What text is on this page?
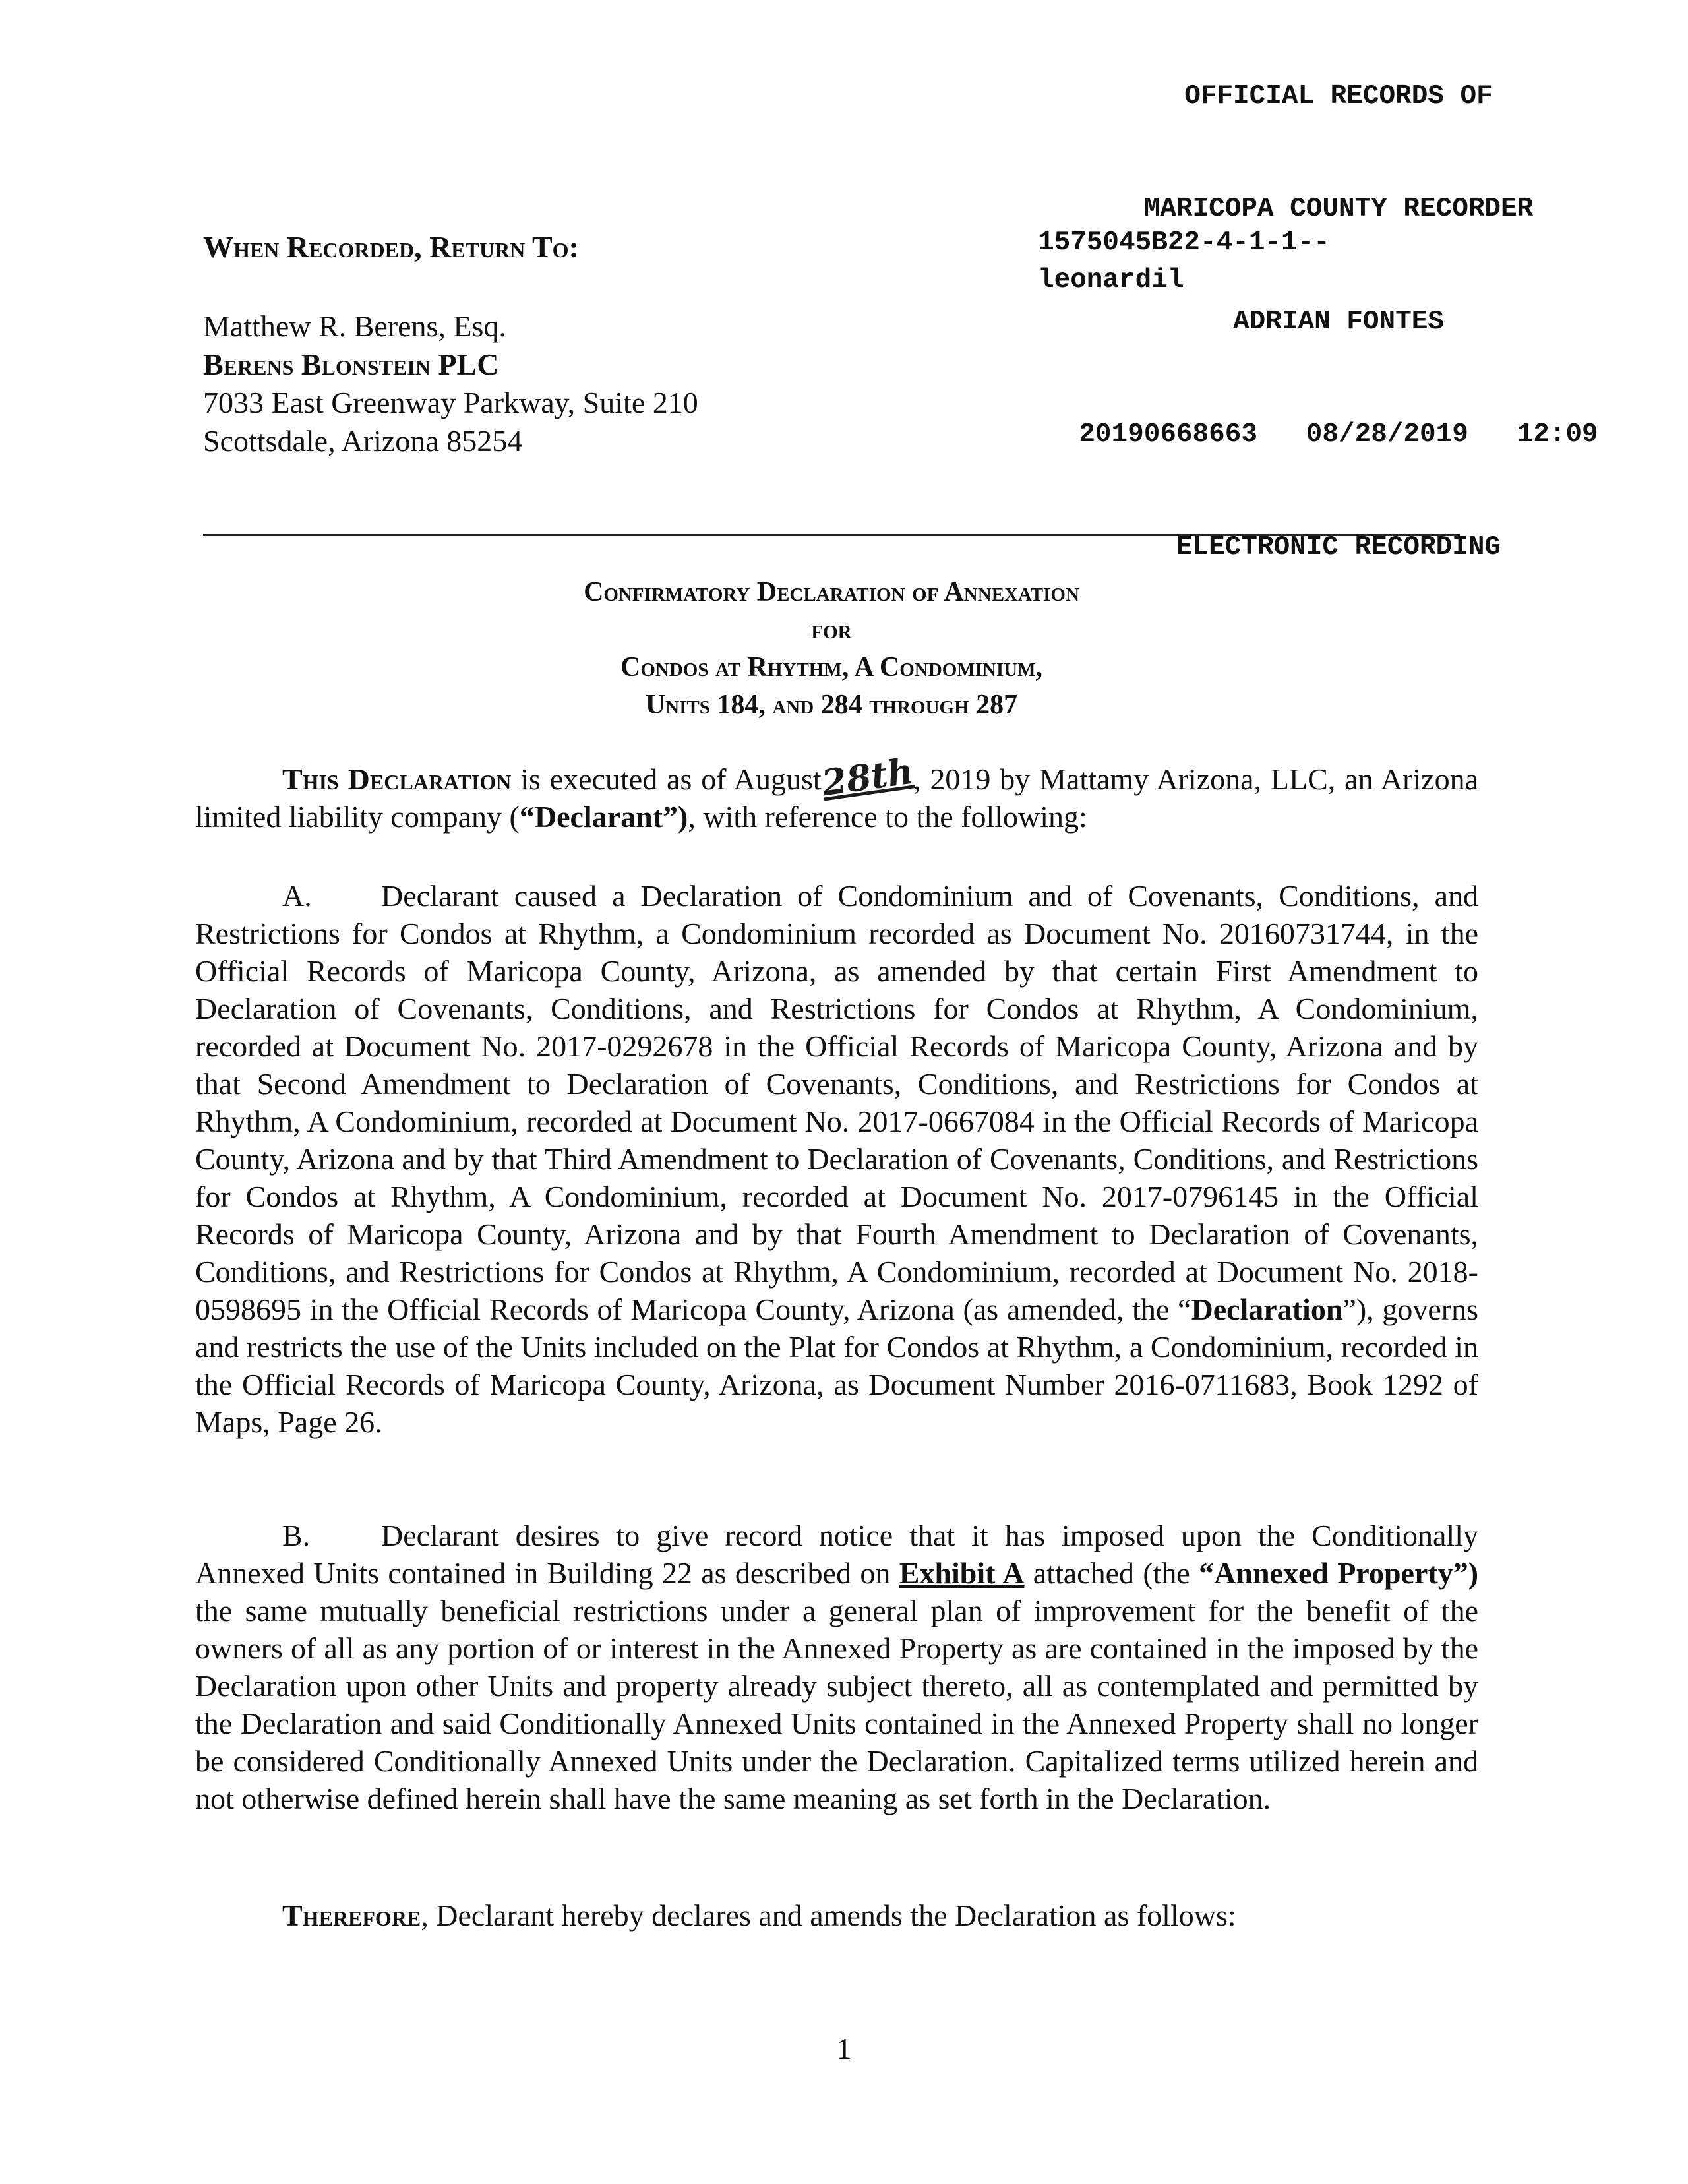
OFFICIAL RECORDS OF

MARICOPA COUNTY RECORDER

ADRIAN FONTES

20190668663   08/28/2019   12:09

ELECTRONIC RECORDING

1575045B22-4-1-1--
leonardil
When Recorded, Return To:
Matthew R. Berens, Esq.
Berens Blonstein PLC
7033 East Greenway Parkway, Suite 210
Scottsdale, Arizona 85254
Confirmatory Declaration of Annexation
for
Condos at Rhythm, A Condominium,
Units 184, and 284 through 287
This Declaration is executed as of August28th, 2019 by Mattamy Arizona, LLC, an Arizona limited liability company (“Declarant”), with reference to the following:
A. Declarant caused a Declaration of Condominium and of Covenants, Conditions, and Restrictions for Condos at Rhythm, a Condominium recorded as Document No. 20160731744, in the Official Records of Maricopa County, Arizona, as amended by that certain First Amendment to Declaration of Covenants, Conditions, and Restrictions for Condos at Rhythm, A Condominium, recorded at Document No. 2017-0292678 in the Official Records of Maricopa County, Arizona and by that Second Amendment to Declaration of Covenants, Conditions, and Restrictions for Condos at Rhythm, A Condominium, recorded at Document No. 2017-0667084 in the Official Records of Maricopa County, Arizona and by that Third Amendment to Declaration of Covenants, Conditions, and Restrictions for Condos at Rhythm, A Condominium, recorded at Document No. 2017-0796145 in the Official Records of Maricopa County, Arizona and by that Fourth Amendment to Declaration of Covenants, Conditions, and Restrictions for Condos at Rhythm, A Condominium, recorded at Document No. 2018-0598695 in the Official Records of Maricopa County, Arizona (as amended, the “Declaration”), governs and restricts the use of the Units included on the Plat for Condos at Rhythm, a Condominium, recorded in the Official Records of Maricopa County, Arizona, as Document Number 2016-0711683, Book 1292 of Maps, Page 26.
B. Declarant desires to give record notice that it has imposed upon the Conditionally Annexed Units contained in Building 22 as described on Exhibit A attached (the “Annexed Property”) the same mutually beneficial restrictions under a general plan of improvement for the benefit of the owners of all as any portion of or interest in the Annexed Property as are contained in the imposed by the Declaration upon other Units and property already subject thereto, all as contemplated and permitted by the Declaration and said Conditionally Annexed Units contained in the Annexed Property shall no longer be considered Conditionally Annexed Units under the Declaration. Capitalized terms utilized herein and not otherwise defined herein shall have the same meaning as set forth in the Declaration.
Therefore, Declarant hereby declares and amends the Declaration as follows:
1
